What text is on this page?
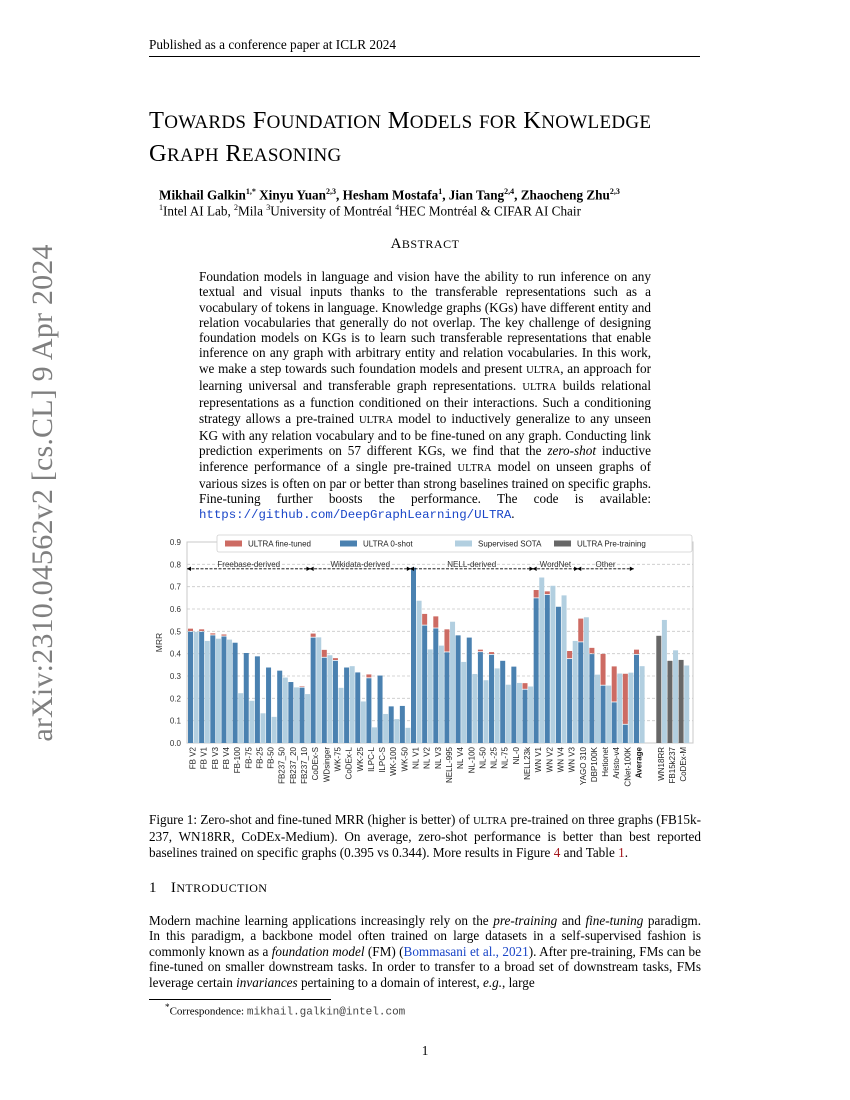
arXiv:2310.04562v2 [cs.CL] 9 Apr 2024
Published as a conference paper at ICLR 2024
TOWARDS FOUNDATION MODELS FOR KNOWLEDGE
GRAPH REASONING
Mikhail Galkin$^{1,*}$ Xinyu Yuan$^{2,3}$, Hesham Mostafa$^1$, Jian Tang$^{2,4}$, Zhaocheng Zhu$^{2,3}$
$^1$Intel AI Lab, $^2$Mila $^3$University of Montréal $^4$HEC Montréal & CIFAR AI Chair
ABSTRACT
Foundation models in language and vision have the ability to run inference on any textual and visual inputs thanks to the transferable representations such as a vocabulary of tokens in language. Knowledge graphs (KGs) have different entity and relation vocabularies that generally do not overlap. The key challenge of designing foundation models on KGs is to learn such transferable representations that enable inference on any graph with arbitrary entity and relation vocabularies. In this work, we make a step towards such foundation models and present ULTRA, an approach for learning universal and transferable graph representations. ULTRA builds relational representations as a function conditioned on their interactions. Such a conditioning strategy allows a pre-trained ULTRA model to inductively generalize to any unseen KG with any relation vocabulary and to be fine-tuned on any graph. Conducting link prediction experiments on 57 different KGs, we find that the zero-shot inductive inference performance of a single pre-trained ULTRA model on unseen graphs of various sizes is often on par or better than strong baselines trained on specific graphs. Fine-tuning further boosts the performance. The code is available: https://github.com/DeepGraphLearning/ULTRA.
0.0
0.1
0.2
0.3
0.4
0.5
0.6
0.7
0.8
0.9
MRR
FB V2 FB V1 FB V3 FB V4 FB-100 FB-75 FB-25 FB-50 FB237_50 FB237_20 FB237_10 CoDEx-S WDsinger WK-75 CoDEx-L WK-25 ILPC-L ILPC-S WK-100 WK-50 NL V1 NL V2 NL V3 NELL-995 NL V4 NL-100 NL-50 NL-25 NL-75 NL-0 NELL23k WN V1 WN V2 WN V4 WN V3 YAGO 310 DBP100K Hetionet Aristo-v4 CNet-100K Average WN18RR FB15k237 CoDEx-M
Freebase-derived	Wikidata-derived	NELL-derived	WordNet	Other
ULTRA fine-tuned	ULTRA 0-shot	Supervised SOTA	ULTRA Pre-training
Figure 1: Zero-shot and fine-tuned MRR (higher is better) of ULTRA pre-trained on three graphs (FB15k-237, WN18RR, CoDEx-Medium). On average, zero-shot performance is better than best reported baselines trained on specific graphs (0.395 vs 0.344). More results in Figure 4 and Table 1.
1 INTRODUCTION
Modern machine learning applications increasingly rely on the pre-training and fine-tuning paradigm. In this paradigm, a backbone model often trained on large datasets in a self-supervised fashion is commonly known as a foundation model (FM) (Bommasani et al., 2021). After pre-training, FMs can be fine-tuned on smaller downstream tasks. In order to transfer to a broad set of downstream tasks, FMs leverage certain invariances pertaining to a domain of interest, e.g., large
*Correspondence: mikhail.galkin@intel.com
1
